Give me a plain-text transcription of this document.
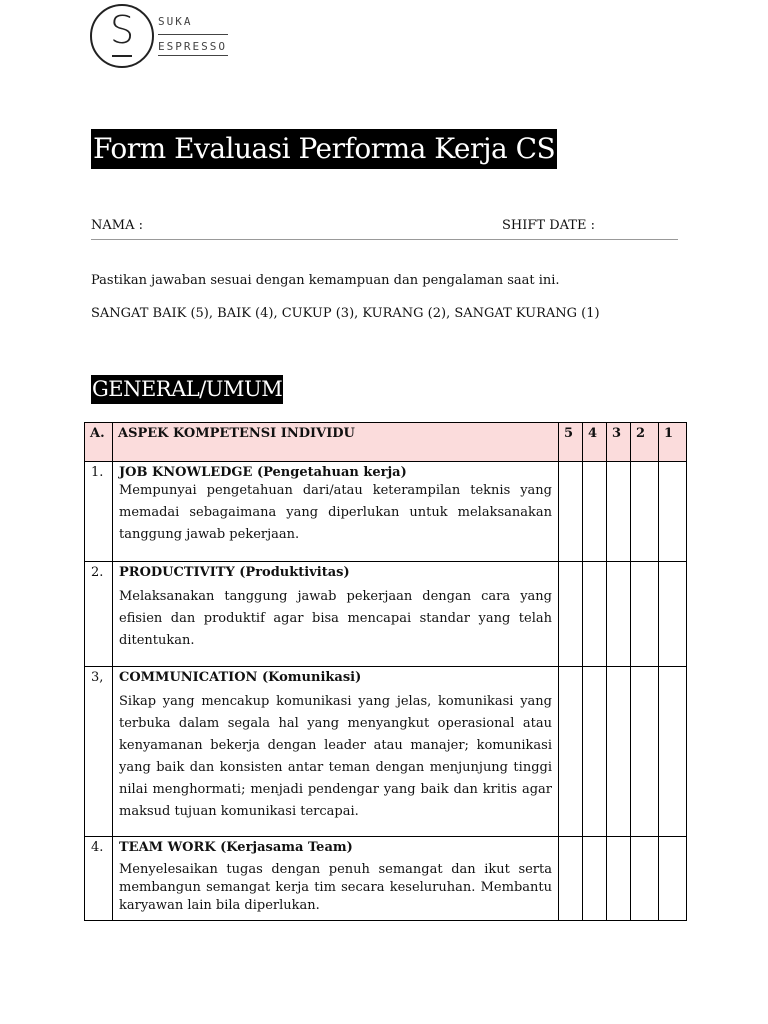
S	SUKA
ESPRESSO
Form Evaluasi Performa Kerja CS
NAMA :	SHIFT DATE :
Pastikan jawaban sesuai dengan kemampuan dan pengalaman saat ini.
SANGAT BAIK (5), BAIK (4), CUKUP (3), KURANG (2), SANGAT KURANG (1)
GENERAL/UMUM
A.	ASPEK KOMPETENSI INDIVIDU	5	4	3	2	1
1.	JOB KNOWLEDGE (Pengetahuan kerja)
Mempunyai pengetahuan dari/atau keterampilan teknis yang memadai sebagaimana yang diperlukan untuk melaksanakan tanggung jawab pekerjaan.					

2.	PRODUCTIVITY (Produktivitas)
Melaksanakan tanggung jawab pekerjaan dengan cara yang efisien dan produktif agar bisa mencapai standar yang telah ditentukan.					

3,	COMMUNICATION (Komunikasi)
Sikap yang mencakup komunikasi yang jelas, komunikasi yang terbuka dalam segala hal yang menyangkut operasional atau kenyamanan bekerja dengan leader atau manajer; komunikasi yang baik dan konsisten antar teman dengan menjunjung tinggi nilai menghormati; menjadi pendengar yang baik dan kritis agar maksud tujuan komunikasi tercapai.					

4.	TEAM WORK (Kerjasama Team)
Menyelesaikan tugas dengan penuh semangat dan ikut serta membangun semangat kerja tim secara keseluruhan. Membantu karyawan lain bila diperlukan.					
